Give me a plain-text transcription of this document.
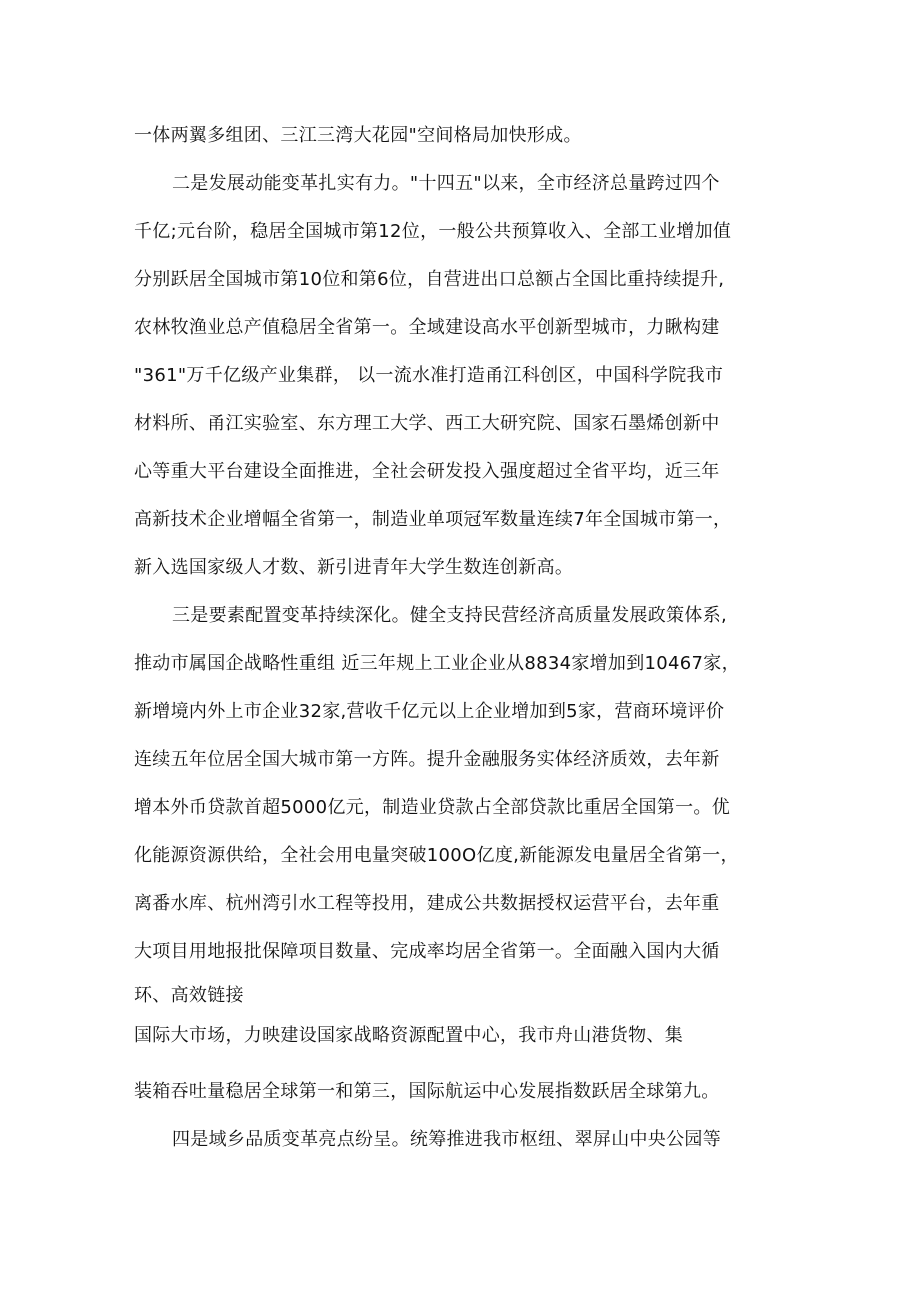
一体两翼多组团、三江三湾大花园"空间格局加快形成。
二是发展动能变革扎实有力。"十四五"以来，全市经济总量跨过四个
千亿;元台阶，稳居全国城市第12位，一般公共预算收入、全部工业增加值
分别跃居全国城市第10位和第6位，自营进出口总额占全国比重持续提升,
农林牧渔业总产值稳居全省第一。全域建设高水平创新型城市，力瞅构建
"361"万千亿级产业集群， 以一流水准打造甬江科创区，中国科学院我市
材料所、甬江实验室、东方理工大学、西工大研究院、国家石墨烯创新中
心等重大平台建设全面推进，全社会研发投入强度超过全省平均，近三年
高新技术企业增幅全省第一，制造业单项冠军数量连续7年全国城市第一，
新入选国家级人才数、新引进青年大学生数连创新高。
三是要素配置变革持续深化。健全支持民营经济高质量发展政策体系,
推动市属国企战略性重组 近三年规上工业企业从8834家增加到10467家，
新增境内外上市企业32家,营收千亿元以上企业增加到5家，营商环境评价
连续五年位居全国大城市第一方阵。提升金融服务实体经济质效，去年新
增本外币贷款首超5000亿元，制造业贷款占全部贷款比重居全国第一。优
化能源资源供给，全社会用电量突破100O亿度,新能源发电量居全省第一，
离番水库、杭州湾引水工程等投用，建成公共数据授权运营平台，去年重
大项目用地报批保障项目数量、完成率均居全省第一。全面融入国内大循
环、高效链接
国际大市场，力映建设国家战略资源配置中心，我市舟山港货物、集
装箱吞吐量稳居全球第一和第三，国际航运中心发展指数跃居全球第九。
四是域乡品质变革亮点纷呈。统筹推进我市枢纽、翠屏山中央公园等
